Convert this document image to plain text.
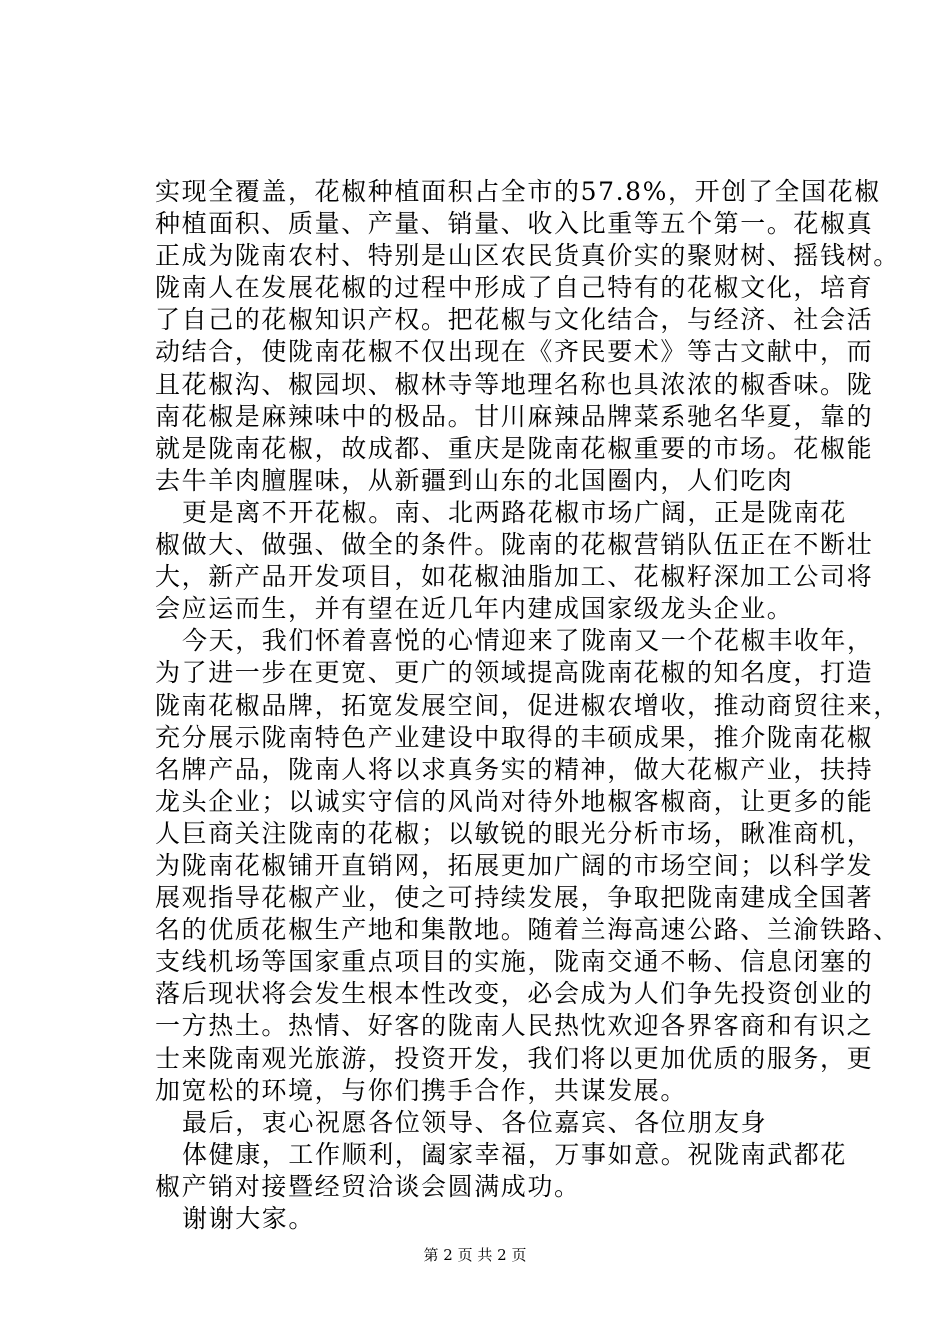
实现全覆盖，花椒种植面积占全市的57.8%，开创了全国花椒
种植面积、质量、产量、销量、收入比重等五个第一。花椒真
正成为陇南农村、特别是山区农民货真价实的聚财树、摇钱树。
陇南人在发展花椒的过程中形成了自己特有的花椒文化，培育
了自己的花椒知识产权。把花椒与文化结合，与经济、社会活
动结合，使陇南花椒不仅出现在《齐民要术》等古文献中，而
且花椒沟、椒园坝、椒林寺等地理名称也具浓浓的椒香味。陇
南花椒是麻辣味中的极品。甘川麻辣品牌菜系驰名华夏，靠的
就是陇南花椒，故成都、重庆是陇南花椒重要的市场。花椒能
去牛羊肉膻腥味，从新疆到山东的北国圈内，人们吃肉
更是离不开花椒。南、北两路花椒市场广阔，正是陇南花
椒做大、做强、做全的条件。陇南的花椒营销队伍正在不断壮
大，新产品开发项目，如花椒油脂加工、花椒籽深加工公司将
会应运而生，并有望在近几年内建成国家级龙头企业。
今天，我们怀着喜悦的心情迎来了陇南又一个花椒丰收年，
为了进一步在更宽、更广的领域提高陇南花椒的知名度，打造
陇南花椒品牌，拓宽发展空间，促进椒农增收，推动商贸往来，
充分展示陇南特色产业建设中取得的丰硕成果，推介陇南花椒
名牌产品，陇南人将以求真务实的精神，做大花椒产业，扶持
龙头企业；以诚实守信的风尚对待外地椒客椒商，让更多的能
人巨商关注陇南的花椒；以敏锐的眼光分析市场，瞅准商机，
为陇南花椒铺开直销网，拓展更加广阔的市场空间；以科学发
展观指导花椒产业，使之可持续发展，争取把陇南建成全国著
名的优质花椒生产地和集散地。随着兰海高速公路、兰渝铁路、
支线机场等国家重点项目的实施，陇南交通不畅、信息闭塞的
落后现状将会发生根本性改变，必会成为人们争先投资创业的
一方热土。热情、好客的陇南人民热忱欢迎各界客商和有识之
士来陇南观光旅游，投资开发，我们将以更加优质的服务，更
加宽松的环境，与你们携手合作，共谋发展。
最后，衷心祝愿各位领导、各位嘉宾、各位朋友身
体健康，工作顺利，阖家幸福，万事如意。祝陇南武都花
椒产销对接暨经贸洽谈会圆满成功。
谢谢大家。
第 2 页 共 2 页
